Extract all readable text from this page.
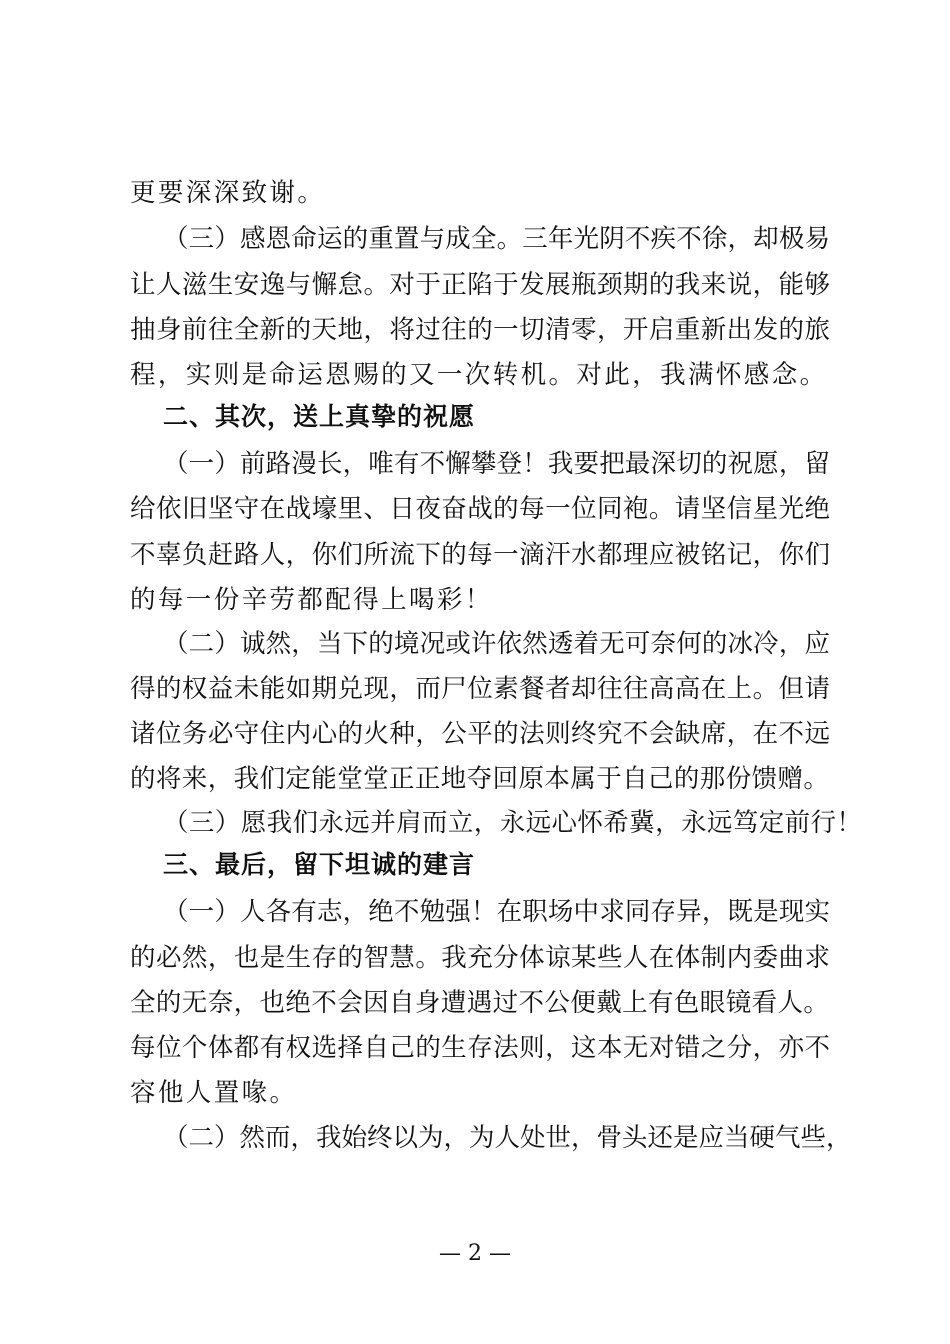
更要深深致谢。
（三）感恩命运的重置与成全。三年光阴不疾不徐，却极易
让人滋生安逸与懈怠。对于正陷于发展瓶颈期的我来说，能够
抽身前往全新的天地，将过往的一切清零，开启重新出发的旅
程，实则是命运恩赐的又一次转机。对此，我满怀感念。
二、其次，送上真挚的祝愿
（一）前路漫长，唯有不懈攀登！我要把最深切的祝愿，留
给依旧坚守在战壕里、日夜奋战的每一位同袍。请坚信星光绝
不辜负赶路人，你们所流下的每一滴汗水都理应被铭记，你们
的每一份辛劳都配得上喝彩！
（二）诚然，当下的境况或许依然透着无可奈何的冰冷，应
得的权益未能如期兑现，而尸位素餐者却往往高高在上。但请
诸位务必守住内心的火种，公平的法则终究不会缺席，在不远
的将来，我们定能堂堂正正地夺回原本属于自己的那份馈赠。
（三）愿我们永远并肩而立，永远心怀希冀，永远笃定前行！
三、最后，留下坦诚的建言
（一）人各有志，绝不勉强！在职场中求同存异，既是现实
的必然，也是生存的智慧。我充分体谅某些人在体制内委曲求
全的无奈，也绝不会因自身遭遇过不公便戴上有色眼镜看人。
每位个体都有权选择自己的生存法则，这本无对错之分，亦不
容他人置喙。
（二）然而，我始终以为，为人处世，骨头还是应当硬气些，
— 2 —
